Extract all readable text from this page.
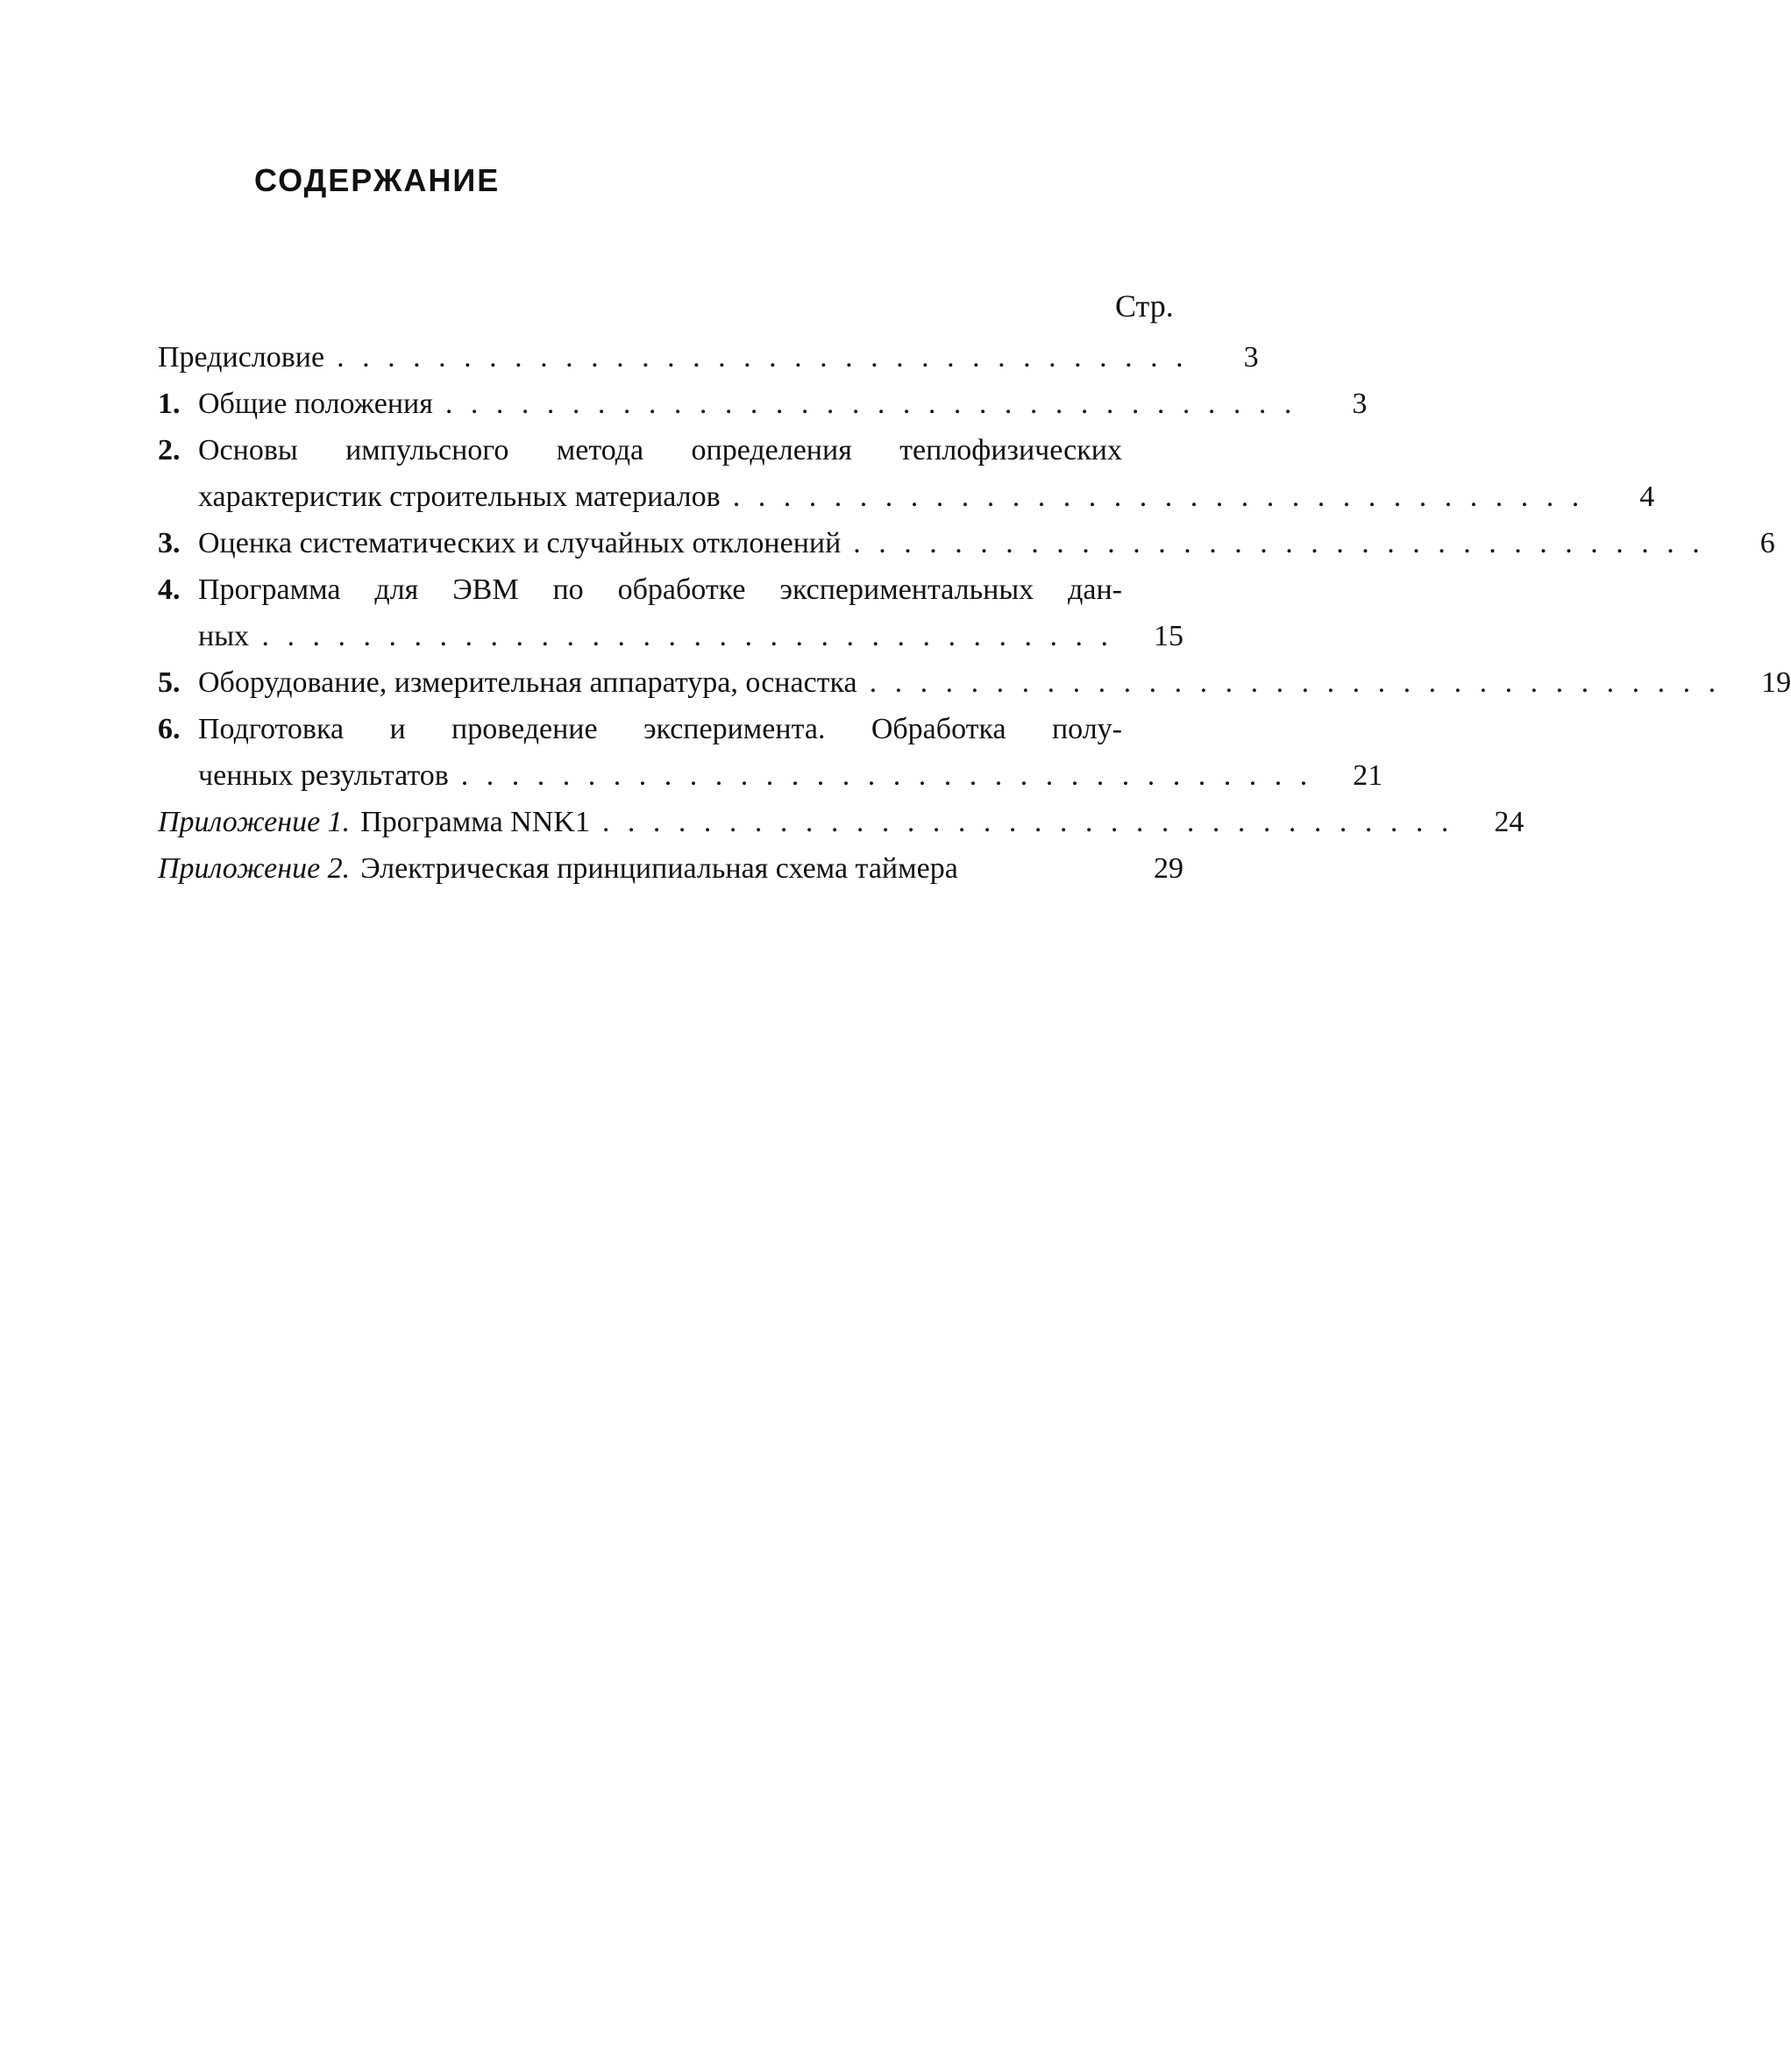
СОДЕРЖАНИЕ
Стр.
Предисловие . . . . . . . . . . . . . . . . . . . . . . . . . . . . . . . . . .	3
1. Общие положения . . . . . . . . . . . . . . . . . . . . . . . . . . . . . . . . . .	3
2. Основы импульсного метода определения теплофизических
характеристик строительных материалов . . . . . . . . . . . . . . . . . . . . . . . . . . . . . . . . . .	4
3. Оценка систематических и случайных отклонений . . . . . . . . . . . . . . . . . . . . . . . . . . . . . . . . . .	6
4. Программа для ЭВМ по обработке экспериментальных дан-
ных . . . . . . . . . . . . . . . . . . . . . . . . . . . . . . . . . .	15
5. Оборудование, измерительная аппаратура, оснастка . . . . . . . . . . . . . . . . . . . . . . . . . . . . . . . . . .	19
6. Подготовка и проведение эксперимента. Обработка полу-
ченных результатов . . . . . . . . . . . . . . . . . . . . . . . . . . . . . . . . . .	21
Приложение 1. Программа NNK1 . . . . . . . . . . . . . . . . . . . . . . . . . . . . . . . . . .	24
Приложение 2. Электрическая принципиальная схема таймера	29
